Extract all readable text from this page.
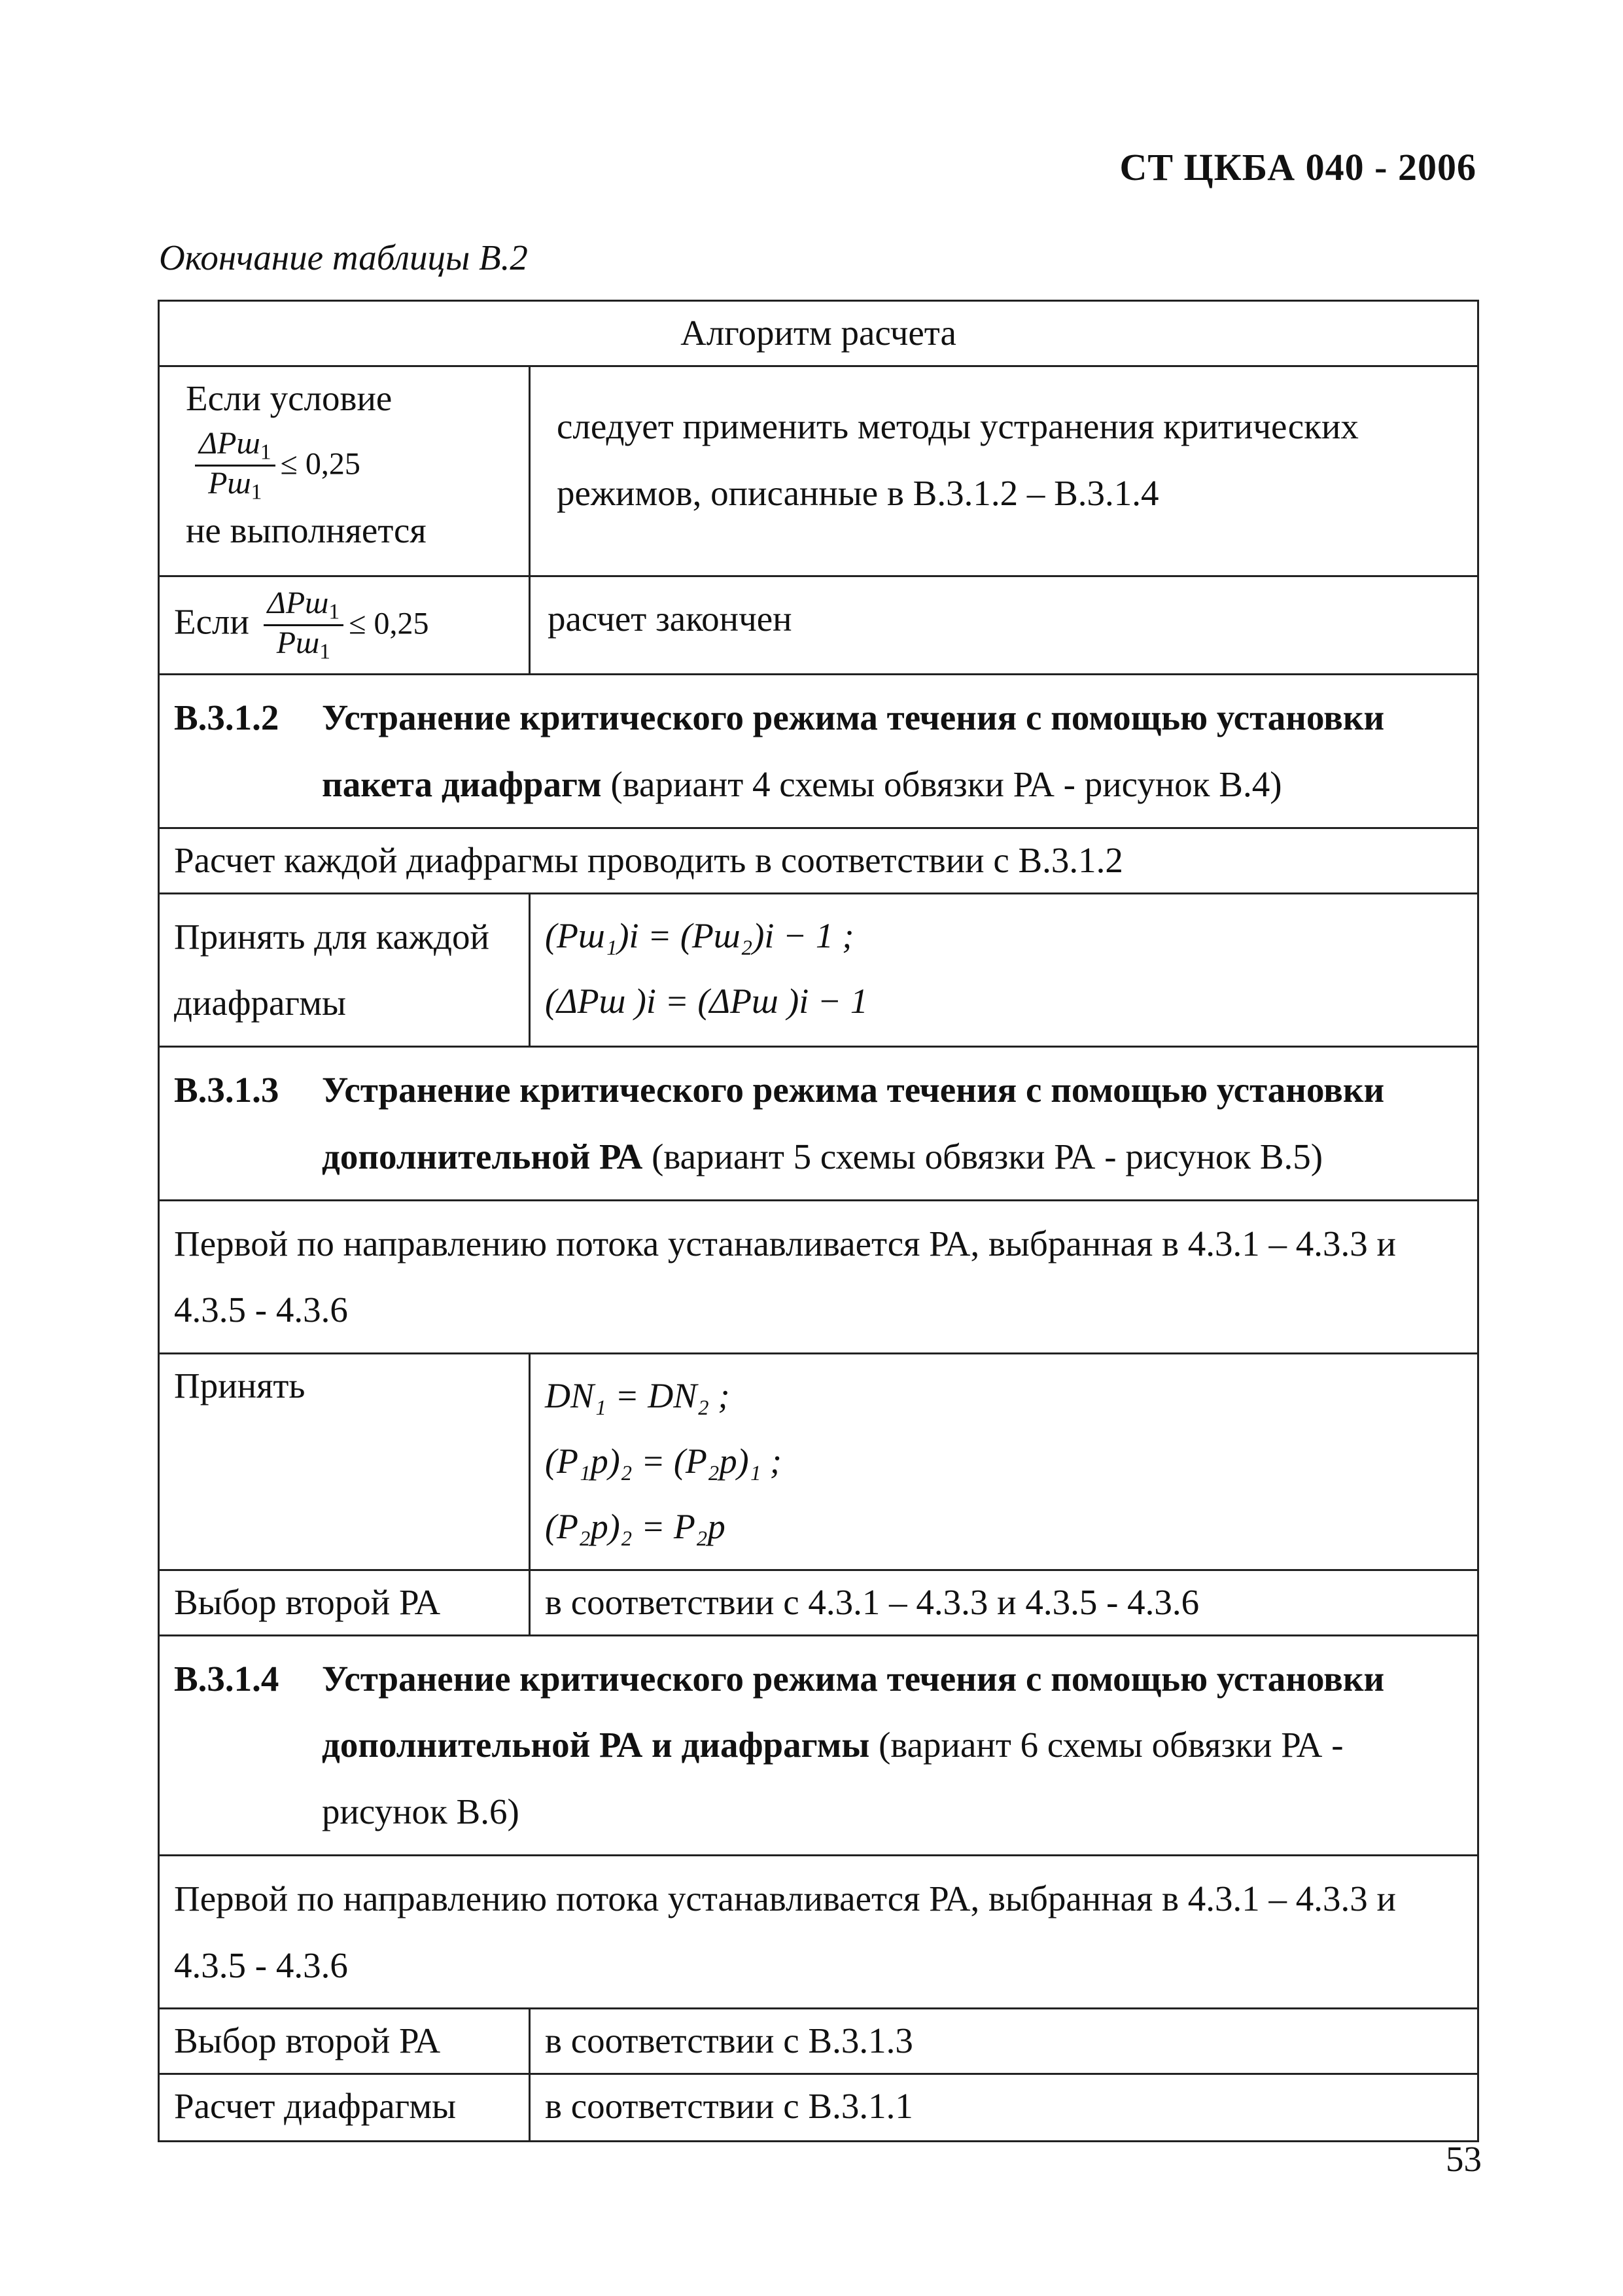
СТ ЦКБА 040 - 2006
Окончание таблицы В.2
Алгоритм расчета	

Если условие
$\frac{\Delta Pш_1}{Pш_1} \le 0,25$
не выполняется	следует применить методы устранения критических режимов, описанные в В.3.1.2 – В.3.1.4
Если $\frac{\Delta Pш_1}{Pш_1} \le 0,25$	расчет закончен

В.3.1.2 Устранение критического режима течения с помощью установки пакета диафрагм (вариант 4 схемы обвязки РА - рисунок В.4)	

Расчет каждой диафрагмы проводить в соответствии с В.3.1.2	
Принять для каждой диафрагмы	(Pш₁)i = (Pш₂)i − 1 ;
(ΔPш )i = (ΔPш )i − 1

В.3.1.3 Устранение критического режима течения с помощью установки дополнительной РА (вариант 5 схемы обвязки РА - рисунок В.5)	

Первой по направлению потока устанавливается РА, выбранная в 4.3.1 – 4.3.3 и 4.3.5 - 4.3.6	
Принять	DN₁ = DN₂ ;
(P₁p)₂ = (P₂p)₁ ;
(P₂p)₂ = P₂p

Выбор второй РА	в соответствии с 4.3.1 – 4.3.3 и 4.3.5 - 4.3.6

В.3.1.4 Устранение критического режима течения с помощью установки дополнительной РА и диафрагмы (вариант 6 схемы обвязки РА - рисунок В.6)	

Первой по направлению потока устанавливается РА, выбранная в 4.3.1 – 4.3.3 и 4.3.5 - 4.3.6	
Выбор второй РА	в соответствии с В.3.1.3
Расчет диафрагмы	в соответствии с В.3.1.1
53
